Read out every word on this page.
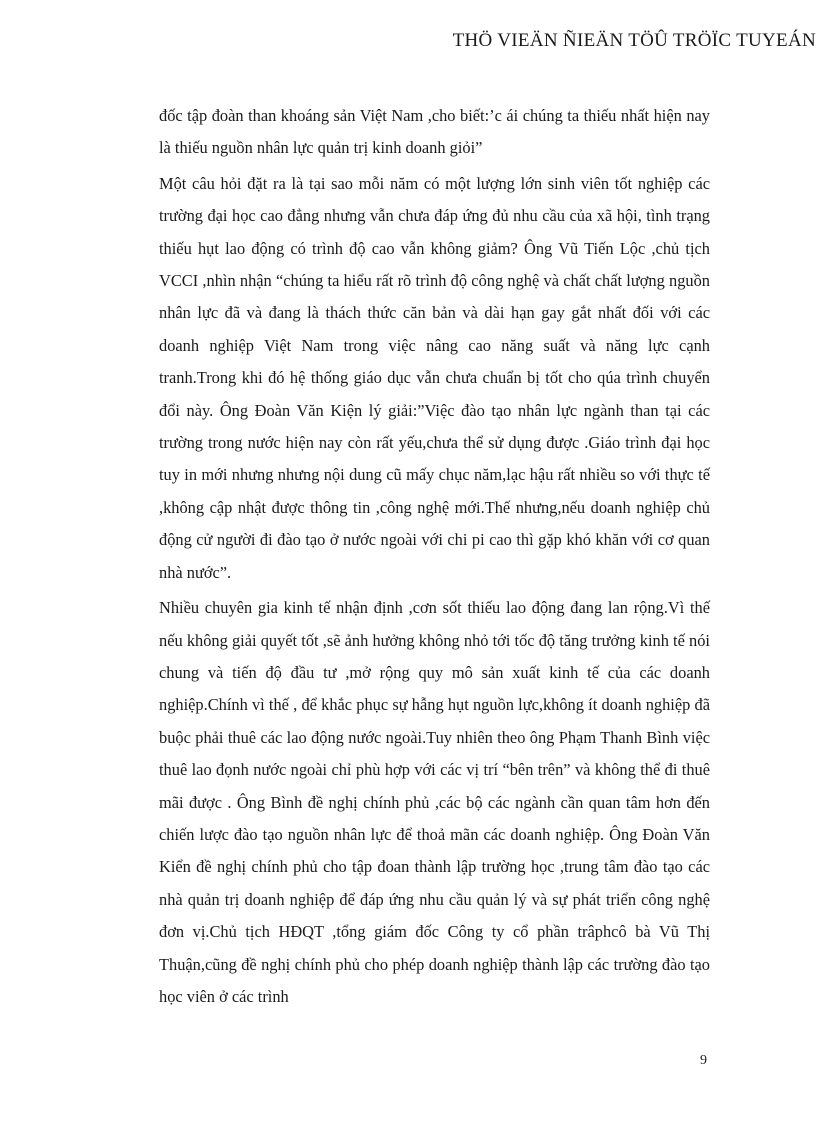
THÖ VIEÄN ÑIEÄN TÖÛ TRÖÏC TUYEÁN

đốc tập đoàn than khoáng sản Việt Nam ,cho biết:’c ái chúng ta thiếu nhất hiện nay là thiếu nguồn nhân lực quản trị kinh doanh giỏi”

Một câu hỏi đặt ra là tại sao mỗi năm có một lượng lớn sinh viên tốt nghiệp các trường đại học cao đẳng nhưng vẫn chưa đáp ứng đủ nhu cầu của xã hội, tình trạng thiếu hụt lao động có trình độ cao vẫn không giảm? Ông Vũ Tiến Lộc ,chủ tịch VCCI ,nhìn nhận “chúng ta hiểu rất rõ trình độ công nghệ và chất chất lượng nguồn nhân lực đã và đang là thách thức căn bản và dài hạn gay gắt nhất đối với các doanh nghiệp Việt Nam trong việc nâng cao năng suất và năng lực cạnh tranh.Trong khi đó hệ thống giáo dục vẫn chưa chuẩn bị tốt cho qúa trình chuyển đổi này. Ông Đoàn Văn Kiện lý giải:”Việc đào tạo nhân lực ngành than tại các trường trong nước hiện nay còn rất yếu,chưa thể sử dụng được .Giáo trình đại học tuy in mới nhưng nhưng nội dung cũ mấy chục năm,lạc hậu rất nhiều so với thực tế ,không cập nhật được thông tin ,công nghệ mới.Thế nhưng,nếu doanh nghiệp chủ động cử người đi đào tạo ở nước ngoài với chi pi cao thì gặp khó khăn với cơ quan nhà nước”.

Nhiều chuyên gia kinh tế nhận định ,cơn sốt thiếu lao động đang lan rộng.Vì thế nếu không giải quyết tốt ,sẽ ảnh hưởng không nhỏ tới tốc độ tăng trưởng kinh tế nói chung và tiến độ đầu tư ,mở rộng quy mô sản xuất kinh tế của các doanh nghiệp.Chính vì thế , để khắc phục sự hẫng hụt nguồn lực,không ít doanh nghiệp đã buộc phải thuê các lao động nước ngoài.Tuy nhiên theo ông Phạm Thanh Bình việc thuê lao đọnh nước ngoài chỉ phù hợp với các vị trí “bên trên” và không thể đi thuê mãi được . Ông Bình đề nghị chính phủ ,các bộ các ngành cần quan tâm hơn đến chiến lược đào tạo nguồn nhân lực để thoả mãn các doanh nghiệp. Ông Đoàn Văn Kiển đề nghị chính phủ cho tập đoan thành lập trường học ,trung tâm đào tạo các nhà quản trị doanh nghiệp để đáp ứng nhu cầu quản lý và sự phát triển công nghệ đơn vị.Chủ tịch HĐQT ,tổng giám đốc Công ty cổ phần trâphcô bà Vũ Thị Thuận,cũng đề nghị chính phủ cho phép doanh nghiệp thành lập các trường đào tạo học viên ở các trình

9
